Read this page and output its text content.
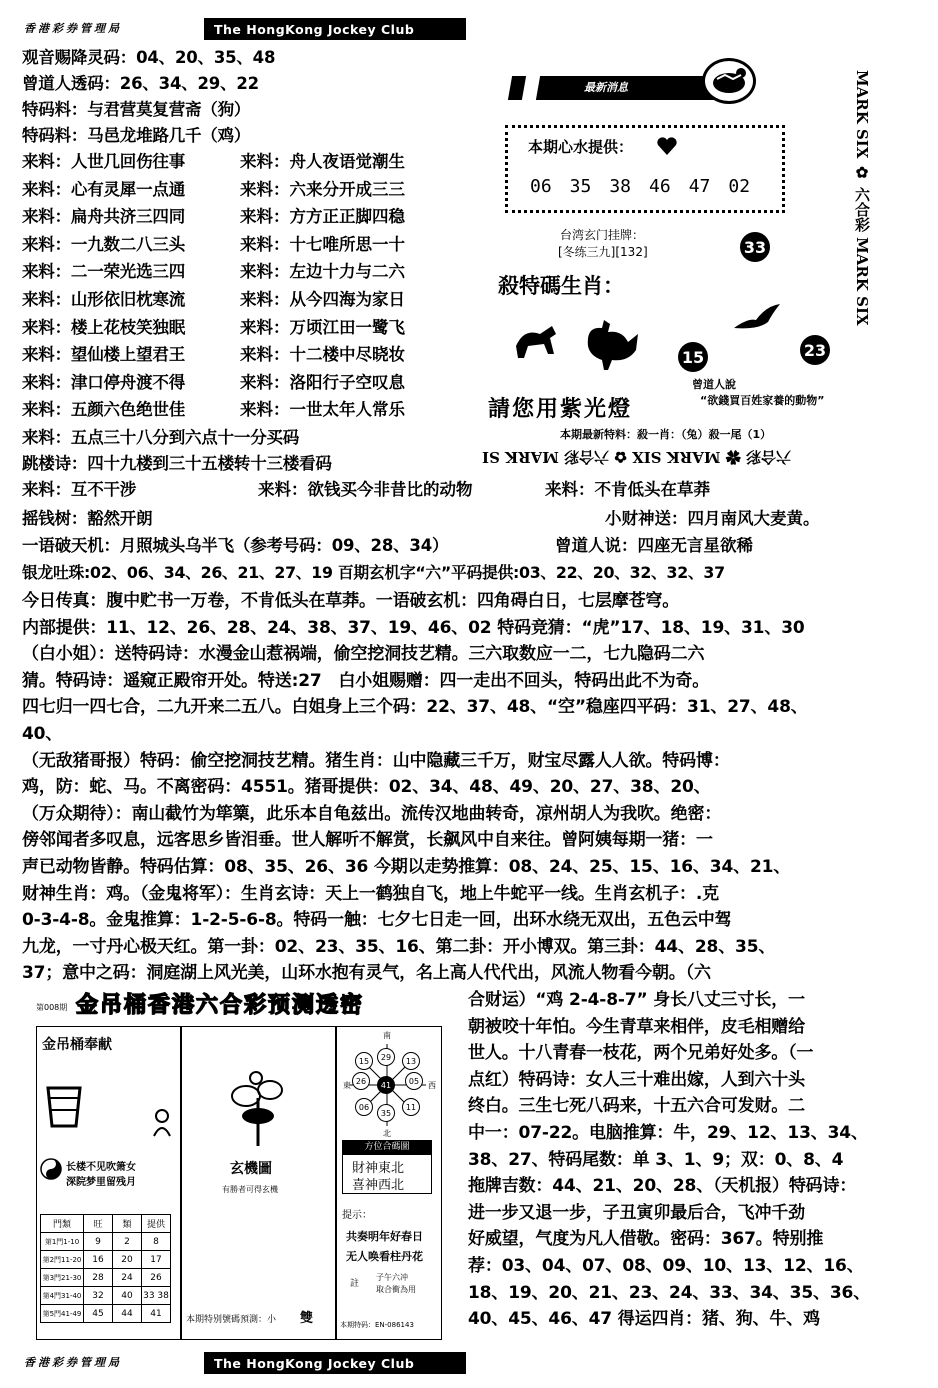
香港彩券管理局	The HongKong Jockey Club
观音赐降灵码：04、20、35、48
曾道人透码：26、34、29、22
特码料：与君营莫复营斋（狗）
特码料：马邑龙堆路几千（鸡）
来料：人世几回伤往事	来料：舟人夜语觉潮生
来料：心有灵犀一点通	来料：六来分开成三三
来料：扁舟共济三四同	来料：方方正正脚四稳
来料：一九数二八三头	来料：十七唯所思一十
来料：二一荣光选三四	来料：左边十力与二六
来料：山形依旧枕寒流	来料：从今四海为家日
来料：楼上花枝笑独眠	来料：万顷江田一鹭飞
来料：望仙楼上望君王	来料：十二楼中尽晓妆
来料：津口停舟渡不得	来料：洛阳行子空叹息
来料：五颜六色绝世佳	来料：一世太年人常乐
来料：五点三十八分到六点十一分买码
跳楼诗：四十九楼到三十五楼转十三楼看码
来料：互不干涉	来料：欲钱买今非昔比的动物	来料：不肯低头在草莽
摇钱树：豁然开朗	小财神送：四月南风大麦黄。
一语破天机：月照城头乌半飞（参考号码：09、28、34）	曾道人说：四座无言星欲稀
银龙吐珠:02、06、34、26、21、27、19 百期玄机字“六”平码提供:03、22、20、32、32、37
今日传真：腹中贮书一万卷，不肯低头在草莽。一语破玄机：四角碍白日，七层摩苍穹。
内部提供：11、12、26、28、24、38、37、19、46、02 特码竞猜：“虎”17、18、19、31、30
（白小姐）：送特码诗：水漫金山惹祸端，偷空挖洞技艺精。三六取数应一二，七九隐码二六
猜。特码诗：遥窥正殿帘开处。特送:27　白小姐赐赠：四一走出不回头，特码出此不为奇。
四七归一四七合，二九开来二五八。白姐身上三个码：22、37、48、“空”稳座四平码：31、27、48、
40、
（无敌猪哥报）特码：偷空挖洞技艺精。猪生肖：山中隐藏三千万，财宝尽露人人欲。特码博：
鸡，防：蛇、马。不离密码：4551。猪哥提供：02、34、48、49、20、27、38、20、
（万众期待）：南山截竹为筚篥，此乐本自龟兹出。流传汉地曲转奇，凉州胡人为我吹。绝密：
傍邻闻者多叹息，远客思乡皆泪垂。世人解听不解赏，长飙风中自来往。曾阿姨每期一猪：一
声已动物皆静。特码估算：08、35、26、36 今期以走势推算：08、24、25、15、16、34、21、
财神生肖：鸡。（金鬼将军）：生肖玄诗：天上一鹤独自飞，地上牛蛇平一线。生肖玄机子：.克
0-3-4-8。金鬼推算：1-2-5-6-8。特码一触：七夕七日走一回，出环水绕无双出，五色云中驾
九龙，一寸丹心极天红。第一卦：02、23、35、16、第二卦：开小博双。第三卦：44、28、35、
37；意中之码：洞庭湖上风光美，山环水抱有灵气，名上高人代代出，风流人物看今朝。（六
合财运）“鸡 2-4-8-7” 身长八丈三寸长，一
朝被咬十年怕。今生青草来相伴，皮毛相赠给
世人。十八青春一枝花，两个兄弟好处多。（一
点红）特码诗：女人三十难出嫁，人到六十头
终白。三生七死八码来，十五六合可发财。二
中一：07-22。电脑推算：牛，29、12、13、34、
38、27、特码尾数：单 3、1、9；双：0、8、4
拖牌吉数：44、21、20、28、（天机报）特码诗：
进一步又退一步，子丑寅卯最后合，飞冲千劲
好威望，气度为凡人借敬。密码：367。特别推
荐：03、04、07、08、09、10、13、12、16、
18、19、20、21、23、24、33、34、35、36、
40、45、46、47 得运四肖：猪、狗、牛、鸡
最新消息
本期心水提供：
06　35　38　46　47　02
台湾玄门挂牌：
[冬练三九][132]	33
殺特碼生肖：
15	23
曾道人說
“欲錢買百姓家養的動物”
請您用紫光燈
本期最新特料：殺一肖：（兔）殺一尾（1）
MARK SIX ✿ 六合彩 MARK SIX
六合彩 ✿ MARK SIX ✿ 六合彩 MARK SI
第008期 金吊桶香港六合彩预测透密
金吊桶奉献
长楼不见吹箫女
深院梦里留残月
門類	旺	類	提供
第1門1-10	9	2	8
第2門11-20	16	20	17
第3門21-30	28	24	26
第4門31-40	32	40	33 38
第5門41-49	45	44	41
玄機圖
有勝者可得玄機
本期特别號碼預測：小 雙
南
北
東	西
15	29	13
26	41	05
06
35
11
方位合碼圖
財神東北
喜神西北
提示：
共奏明年好春日
无人唤看柱丹花
註
子午六冲
取合衝為用
本期特码：EN-086143
香港彩券管理局	The HongKong Jockey Club
